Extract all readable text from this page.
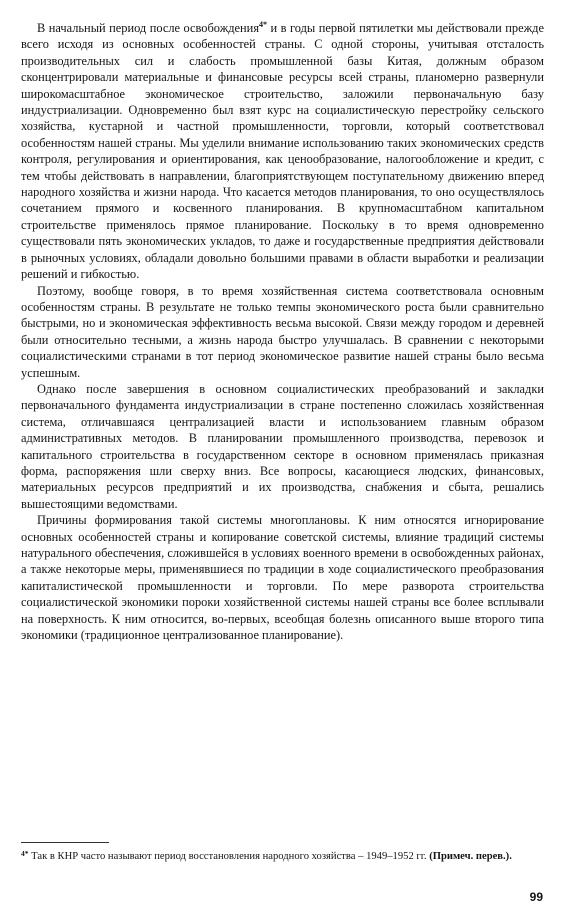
В начальный период после освобождения$^{4*}$ и в годы первой пятилетки мы действовали прежде всего исходя из основных особенностей страны. С одной стороны, учитывая отсталость производительных сил и слабость промышленной базы Китая, должным образом сконцентрировали материальные и финансовые ресурсы всей страны, планомерно развернули широкомасштабное экономическое строительство, заложили первоначальную базу индустриализации. Одновременно был взят курс на социалистическую перестройку сельского хозяйства, кустарной и частной промышленности, торговли, который соответствовал особенностям нашей страны. Мы уделили внимание использованию таких экономических средств контроля, регулирования и ориентирования, как ценообразование, налогообложение и кредит, с тем чтобы действовать в направлении, благоприятствующем поступательному движению вперед народного хозяйства и жизни народа. Что касается методов планирования, то оно осуществлялось сочетанием прямого и косвенного планирования. В крупномасштабном капитальном строительстве применялось прямое планирование. Поскольку в то время одновременно существовали пять экономических укладов, то даже и государственные предприятия действовали в рыночных условиях, обладали довольно большими правами в области выработки и реализации решений и гибкостью.

Поэтому, вообще говоря, в то время хозяйственная система соответствовала основным особенностям страны. В результате не только темпы экономического роста были сравнительно быстрыми, но и экономическая эффективность весьма высокой. Связи между городом и деревней были относительно тесными, а жизнь народа быстро улучшалась. В сравнении с некоторыми социалистическими странами в тот период экономическое развитие нашей страны было весьма успешным.

Однако после завершения в основном социалистических преобразований и закладки первоначального фундамента индустриализации в стране постепенно сложилась хозяйственная система, отличавшаяся централизацией власти и использованием главным образом административных методов. В планировании промышленного производства, перевозок и капитального строительства в государственном секторе в основном применялась приказная форма, распоряжения шли сверху вниз. Все вопросы, касающиеся людских, финансовых, материальных ресурсов предприятий и их производства, снабжения и сбыта, решались вышестоящими ведомствами.

Причины формирования такой системы многоплановы. К ним относятся игнорирование основных особенностей страны и копирование советской системы, влияние традиций системы натурального обеспечения, сложившейся в условиях военного времени в освобожденных районах, а также некоторые меры, применявшиеся по традиции в ходе социалистического преобразования капиталистической промышленности и торговли. По мере разворота строительства социалистической экономики пороки хозяйственной системы нашей страны все более всплывали на поверхность. К ним относится, во-первых, всеобщая болезнь описанного выше второго типа экономики (традиционное централизованное планирование).

$^{4*}$ Так в КНР часто называют период восстановления народного хозяйства – 1949–1952 гг. (Примеч. перев.).

99
